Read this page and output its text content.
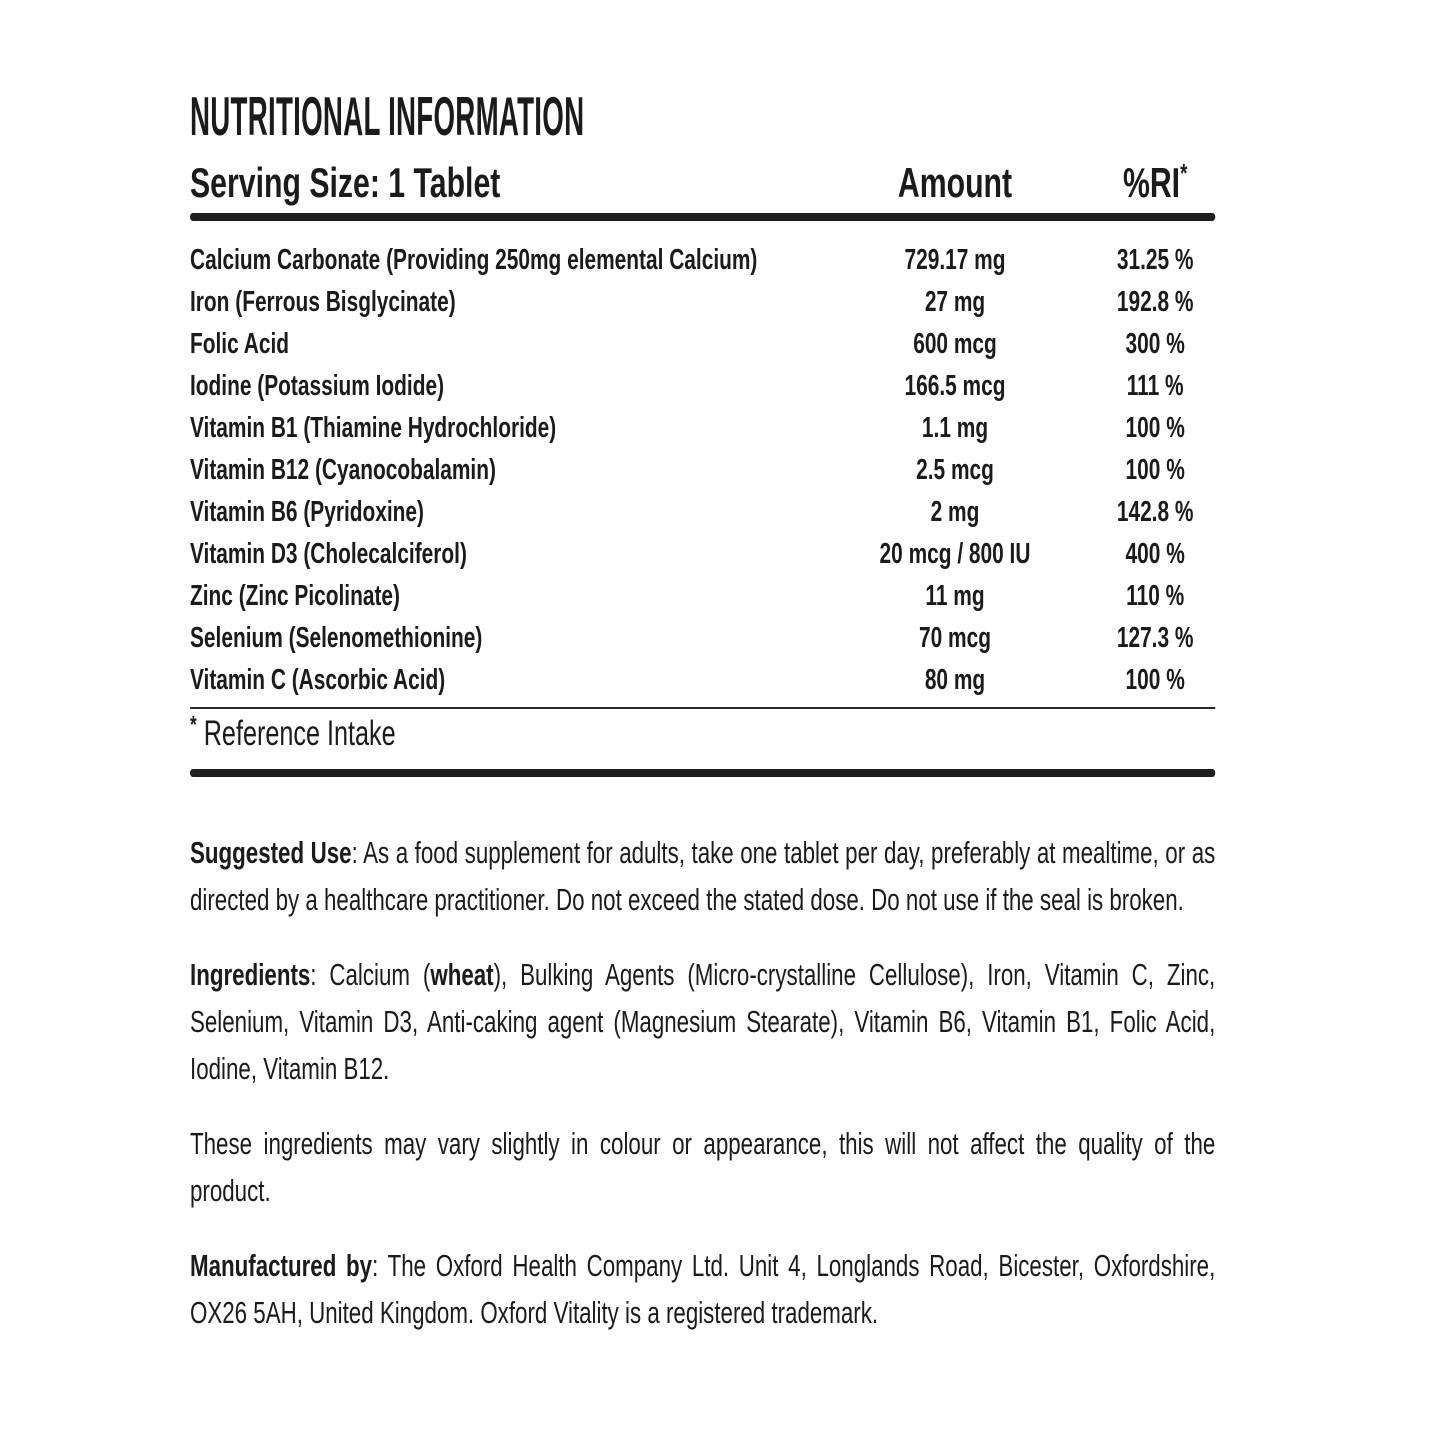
NUTRITIONAL INFORMATION
Serving Size: 1 Tablet	Amount	%RI*
Calcium Carbonate (Providing 250mg elemental Calcium)	729.17 mg	31.25 %
Iron (Ferrous Bisglycinate)	27 mg	192.8 %
Folic Acid	600 mcg	300 %
Iodine (Potassium Iodide)	166.5 mcg	111 %
Vitamin B1 (Thiamine Hydrochloride)	1.1 mg	100 %
Vitamin B12 (Cyanocobalamin)	2.5 mcg	100 %
Vitamin B6 (Pyridoxine)	2 mg	142.8 %
Vitamin D3 (Cholecalciferol)	20 mcg / 800 IU	400 %
Zinc (Zinc Picolinate)	11 mg	110 %
Selenium (Selenomethionine)	70 mcg	127.3 %
Vitamin C (Ascorbic Acid)	80 mg	100 %

* Reference Intake

Suggested Use: As a food supplement for adults, take one tablet per day, preferably at mealtime, or as directed by a healthcare practitioner. Do not exceed the stated dose. Do not use if the seal is broken.

Ingredients: Calcium (wheat), Bulking Agents (Micro-crystalline Cellulose), Iron, Vitamin C, Zinc, Selenium, Vitamin D3, Anti-caking agent (Magnesium Stearate), Vitamin B6, Vitamin B1, Folic Acid, Iodine, Vitamin B12.

These ingredients may vary slightly in colour or appearance, this will not affect the quality of the product.

Manufactured by: The Oxford Health Company Ltd. Unit 4, Longlands Road, Bicester, Oxfordshire, OX26 5AH, United Kingdom. Oxford Vitality is a registered trademark.
